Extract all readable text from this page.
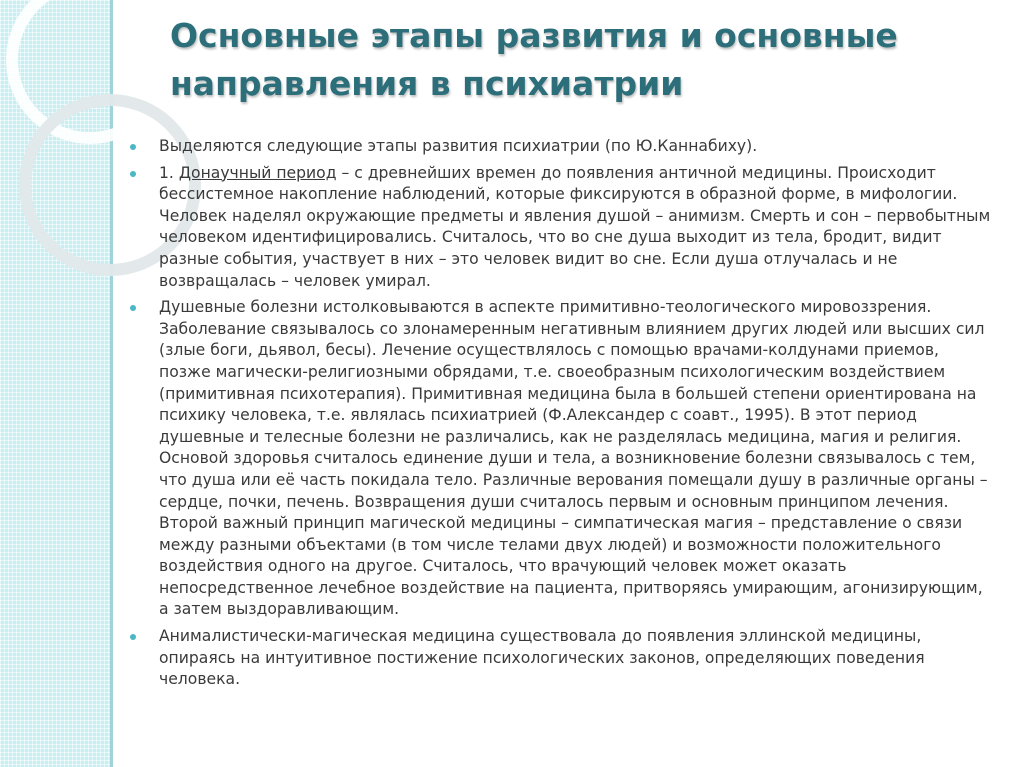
Основные этапы развития и основные
направления в психиатрии
Выделяются следующие этапы развития психиатрии (по Ю.Каннабиху).
1. Донаучный период – с древнейших времен до появления античной медицины. Происходит бессистемное накопление наблюдений, которые фиксируются в образной форме, в мифологии. Человек наделял окружающие предметы и явления душой – анимизм. Смерть и сон – первобытным человеком идентифицировались. Считалось, что во сне душа выходит из тела, бродит, видит разные события, участвует в них – это человек видит во сне. Если душа отлучалась и не возвращалась – человек умирал.
Душевные болезни истолковываются в аспекте примитивно-теологического мировоззрения. Заболевание связывалось со злонамеренным негативным влиянием других людей или высших сил (злые боги, дьявол, бесы). Лечение осуществлялось с помощью врачами-колдунами приемов, позже магически-религиозными обрядами, т.е. своеобразным психологическим воздействием (примитивная психотерапия). Примитивная медицина была в большей степени ориентирована на психику человека, т.е. являлась психиатрией (Ф.Александер с соавт., 1995). В этот период душевные и телесные болезни не различались, как не разделялась медицина, магия и религия. Основой здоровья считалось единение души и тела, а возникновение болезни связывалось с тем, что душа или её часть покидала тело. Различные верования помещали душу в различные органы – сердце, почки, печень. Возвращения души считалось первым и основным принципом лечения. Второй важный принцип магической медицины – симпатическая магия – представление о связи между разными объектами (в том числе телами двух людей) и возможности положительного воздействия одного на другое. Считалось, что врачующий человек может оказать непосредственное лечебное воздействие на пациента, притворяясь умирающим, агонизирующим, а затем выздоравливающим.
Анималистически-магическая медицина существовала до появления эллинской медицины, опираясь на интуитивное постижение психологических законов, определяющих поведения человека.
